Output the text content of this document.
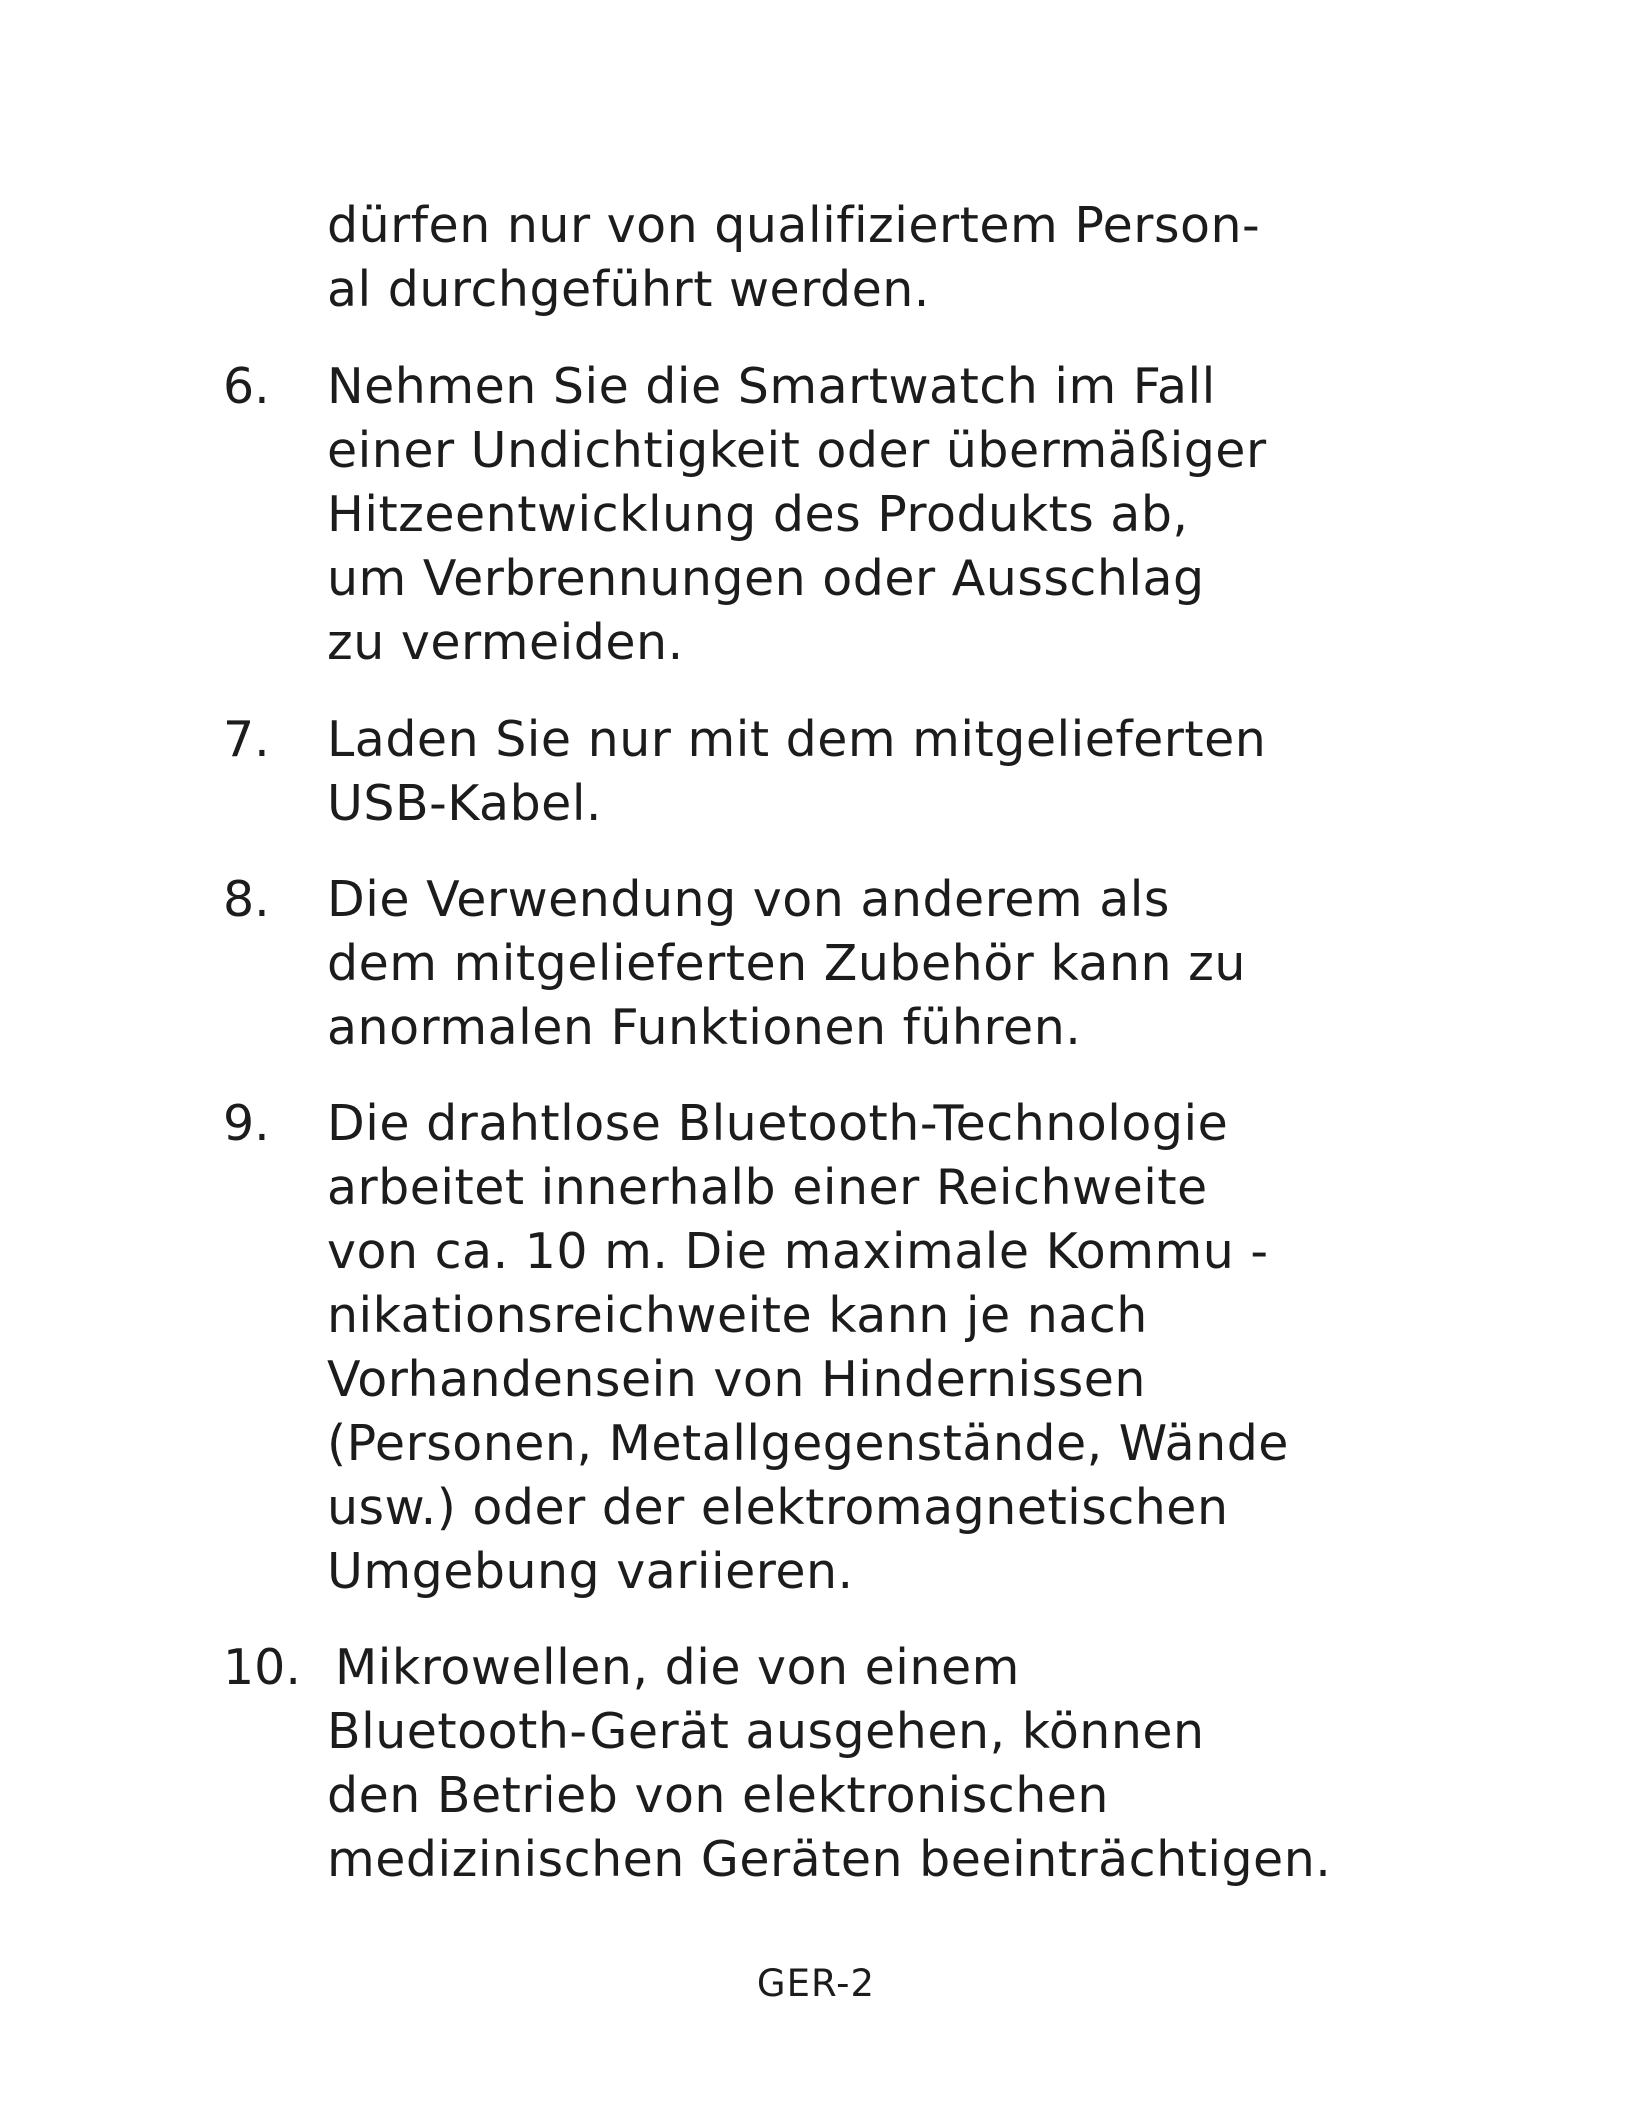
dürfen nur von qualifiziertem Person-
al durchgeführt werden.
6. Nehmen Sie die Smartwatch im Fall
einer Undichtigkeit oder übermäßiger
Hitzeentwicklung des Produkts ab,
um Verbrennungen oder Ausschlag
zu vermeiden.
7. Laden Sie nur mit dem mitgelieferten
USB-Kabel.
8. Die Verwendung von anderem als
dem mitgelieferten Zubehör kann zu
anormalen Funktionen führen.
9. Die drahtlose Bluetooth-Technologie
arbeitet innerhalb einer Reichweite
von ca. 10 m. Die maximale Kommu -
nikationsreichweite kann je nach
Vorhandensein von Hindernissen
(Personen, Metallgegenstände, Wände
usw.) oder der elektromagnetischen
Umgebung variieren.
10. Mikrowellen, die von einem
Bluetooth-Gerät ausgehen, können
den Betrieb von elektronischen
medizinischen Geräten beeinträchtigen.
GER-2
